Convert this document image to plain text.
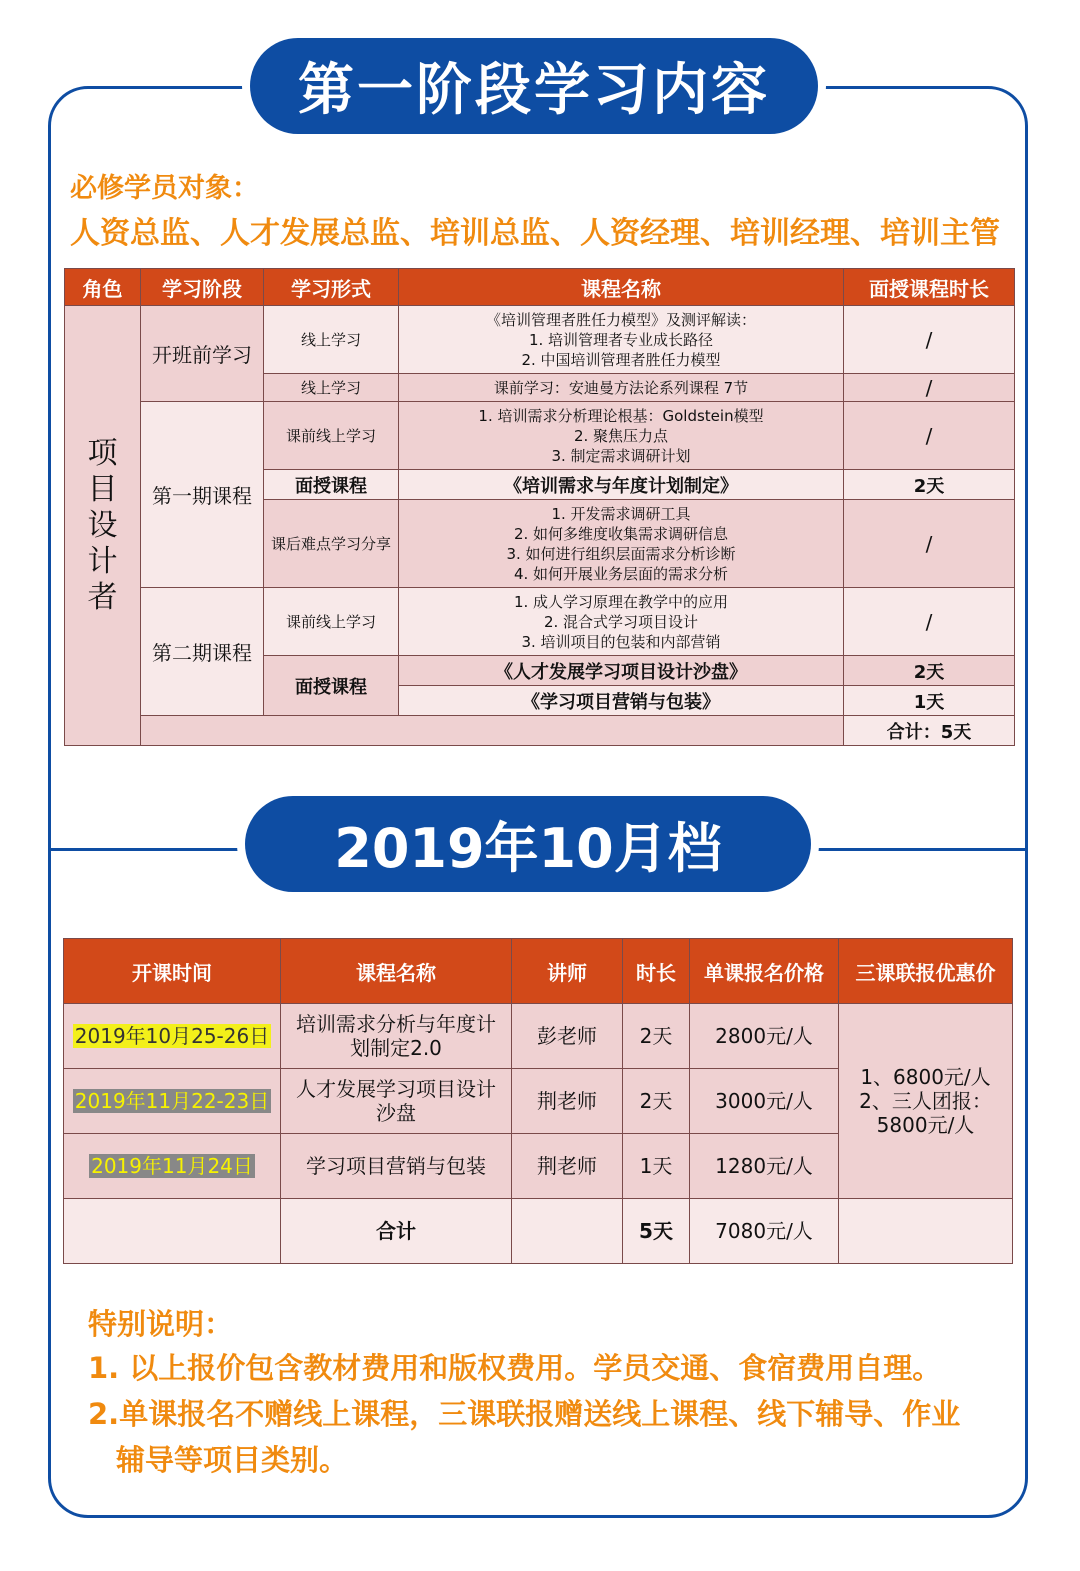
第一阶段学习内容
必修学员对象：
人资总监、人才发展总监、培训总监、人资经理、培训经理、培训主管
角色	学习阶段	学习形式	课程名称	面授课程时长

项
目
设
计
者	开班前学习	线上学习	《培训管理者胜任力模型》及测评解读：
1. 培训管理者专业成长路径
2. 中国培训管理者胜任力模型	/
		线上学习	课前学习：安迪曼方法论系列课程 7节	/
	第一期课程	课前线上学习	1. 培训需求分析理论根基：Goldstein模型
2. 聚焦压力点
3. 制定需求调研计划	/
		面授课程	《培训需求与年度计划制定》	2天
		课后难点学习分享	1. 开发需求调研工具
2. 如何多维度收集需求调研信息
3. 如何进行组织层面需求分析诊断
4. 如何开展业务层面的需求分析	/
	第二期课程	课前线上学习	1. 成人学习原理在教学中的应用
2. 混合式学习项目设计
3. 培训项目的包装和内部营销	/
		面授课程	《人才发展学习项目设计沙盘》	2天
			《学习项目营销与包装》	1天
				合计：5天
2019年10月档
开课时间	课程名称	讲师	时长	单课报名价格	三课联报优惠价
2019年10月25-26日	培训需求分析与年度计
划制定2.0	彭老师	2天	2800元/人	1、6800元/人
2、三人团报：
5800元/人
2019年11月22-23日	人才发展学习项目设计
沙盘	荆老师	2天	3000元/人	
2019年11月24日	学习项目营销与包装	荆老师	1天	1280元/人	
	合计		5天	7080元/人	
特别说明：
1. 以上报价包含教材费用和版权费用。学员交通、食宿费用自理。
2.单课报名不赠线上课程，三课联报赠送线上课程、线下辅导、作业
辅导等项目类别。
